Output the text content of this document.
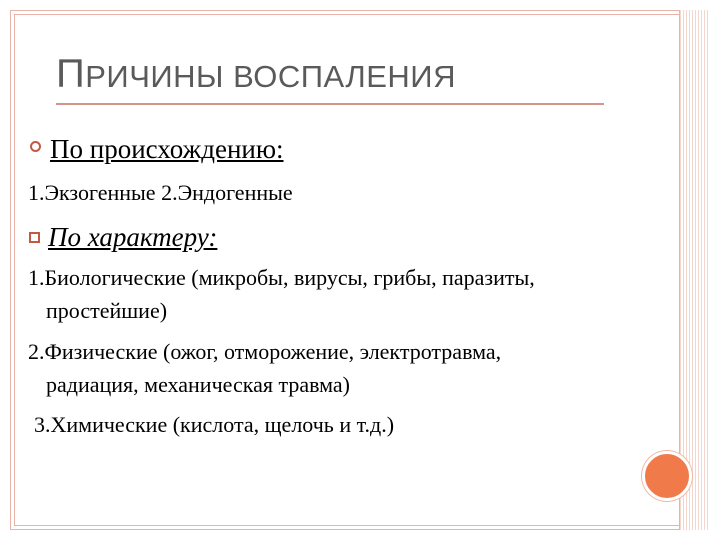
ПРИЧИНЫ ВОСПАЛЕНИЯ
По происхождению:
1.Экзогенные 2.Эндогенные
По характеру:
1.Биологические (микробы, вирусы, грибы, паразиты,
простейшие)
2.Физические (ожог, отморожение, электротравма,
радиация, механическая травма)
3.Химические (кислота, щелочь и т.д.)
